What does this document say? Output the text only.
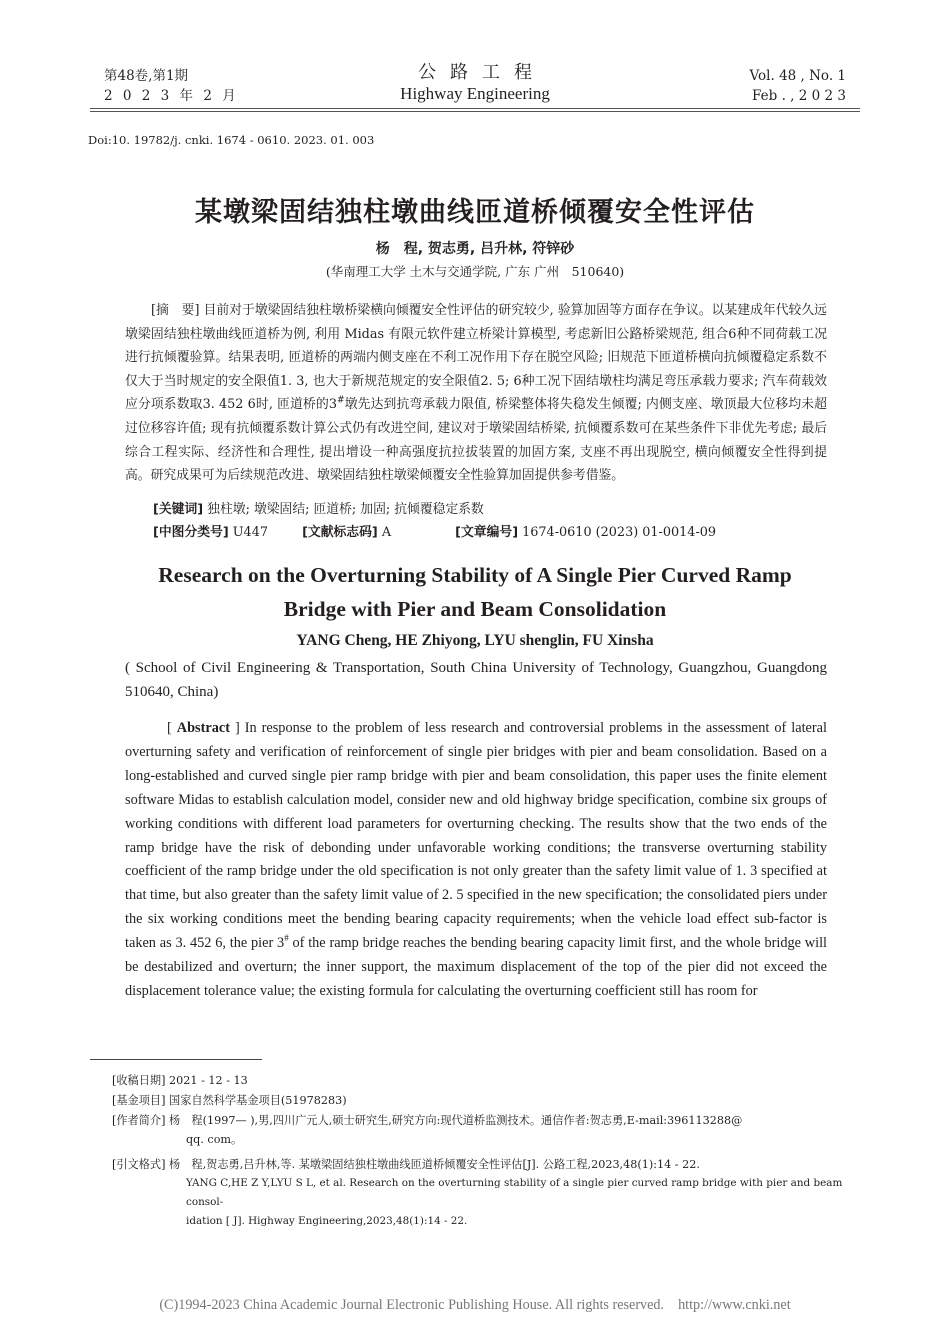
第48卷,第1期
2 0 2 3 年 2 月
公路工程
Highway Engineering
Vol. 48 , No. 1
Feb . , 2 0 2 3
Doi:10. 19782/j. cnki. 1674 - 0610. 2023. 01. 003
某墩梁固结独柱墩曲线匝道桥倾覆安全性评估
杨　程, 贺志勇, 吕升林, 符锌砂
(华南理工大学 土木与交通学院, 广东 广州　510640)
[摘　要] 目前对于墩梁固结独柱墩桥梁横向倾覆安全性评估的研究较少, 验算加固等方面存在争议。以某建成年代较久远墩梁固结独柱墩曲线匝道桥为例, 利用 Midas 有限元软件建立桥梁计算模型, 考虑新旧公路桥梁规范, 组合6种不同荷载工况进行抗倾覆验算。结果表明, 匝道桥的两端内侧支座在不利工况作用下存在脱空风险; 旧规范下匝道桥横向抗倾覆稳定系数不仅大于当时规定的安全限值1. 3, 也大于新规范规定的安全限值2. 5; 6种工况下固结墩柱均满足弯压承载力要求; 汽车荷载效应分项系数取3. 452 6时, 匝道桥的3#墩先达到抗弯承载力限值, 桥梁整体将失稳发生倾覆; 内侧支座、墩顶最大位移均未超过位移容许值; 现有抗倾覆系数计算公式仍有改进空间, 建议对于墩梁固结桥梁, 抗倾覆系数可在某些条件下非优先考虑; 最后综合工程实际、经济性和合理性, 提出增设一种高强度抗拉拔装置的加固方案, 支座不再出现脱空, 横向倾覆安全性得到提高。研究成果可为后续规范改进、墩梁固结独柱墩梁倾覆安全性验算加固提供参考借鉴。
[关键词] 独柱墩; 墩梁固结; 匝道桥; 加固; 抗倾覆稳定系数
[中图分类号] U447	[文献标志码] A	[文章编号] 1674-0610 (2023) 01-0014-09
Research on the Overturning Stability of A Single Pier Curved Ramp
Bridge with Pier and Beam Consolidation
YANG Cheng, HE Zhiyong, LYU shenglin, FU Xinsha
( School of Civil Engineering & Transportation, South China University of Technology, Guangzhou, Guangdong 510640, China)
[ Abstract ] In response to the problem of less research and controversial problems in the assessment of lateral overturning safety and verification of reinforcement of single pier bridges with pier and beam consolidation. Based on a long-established and curved single pier ramp bridge with pier and beam consolidation, this paper uses the finite element software Midas to establish calculation model, consider new and old highway bridge specification, combine six groups of working conditions with different load parameters for overturning checking. The results show that the two ends of the ramp bridge have the risk of debonding under unfavorable working conditions; the transverse overturning stability coefficient of the ramp bridge under the old specification is not only greater than the safety limit value of 1. 3 specified at that time, but also greater than the safety limit value of 2. 5 specified in the new specification; the consolidated piers under the six working conditions meet the bending bearing capacity requirements; when the vehicle load effect sub-factor is taken as 3. 452 6, the pier 3# of the ramp bridge reaches the bending bearing capacity limit first, and the whole bridge will be destabilized and overturn; the inner support, the maximum displacement of the top of the pier did not exceed the displacement tolerance value; the existing formula for calculating the overturning coefficient still has room for
[收稿日期] 2021 - 12 - 13
[基金项目] 国家自然科学基金项目(51978283)
[作者简介] 杨　程(1997— ),男,四川广元人,硕士研究生,研究方向:现代道桥监测技术。通信作者:贺志勇,E-mail:396113288@
qq. com。
[引文格式] 杨　程,贺志勇,吕升林,等. 某墩梁固结独柱墩曲线匝道桥倾覆安全性评估[J]. 公路工程,2023,48(1):14 - 22.
YANG C,HE Z Y,LYU S L, et al. Research on the overturning stability of a single pier curved ramp bridge with pier and beam consol-
idation [ J]. Highway Engineering,2023,48(1):14 - 22.
(C)1994-2023 China Academic Journal Electronic Publishing House. All rights reserved. http://www.cnki.net
